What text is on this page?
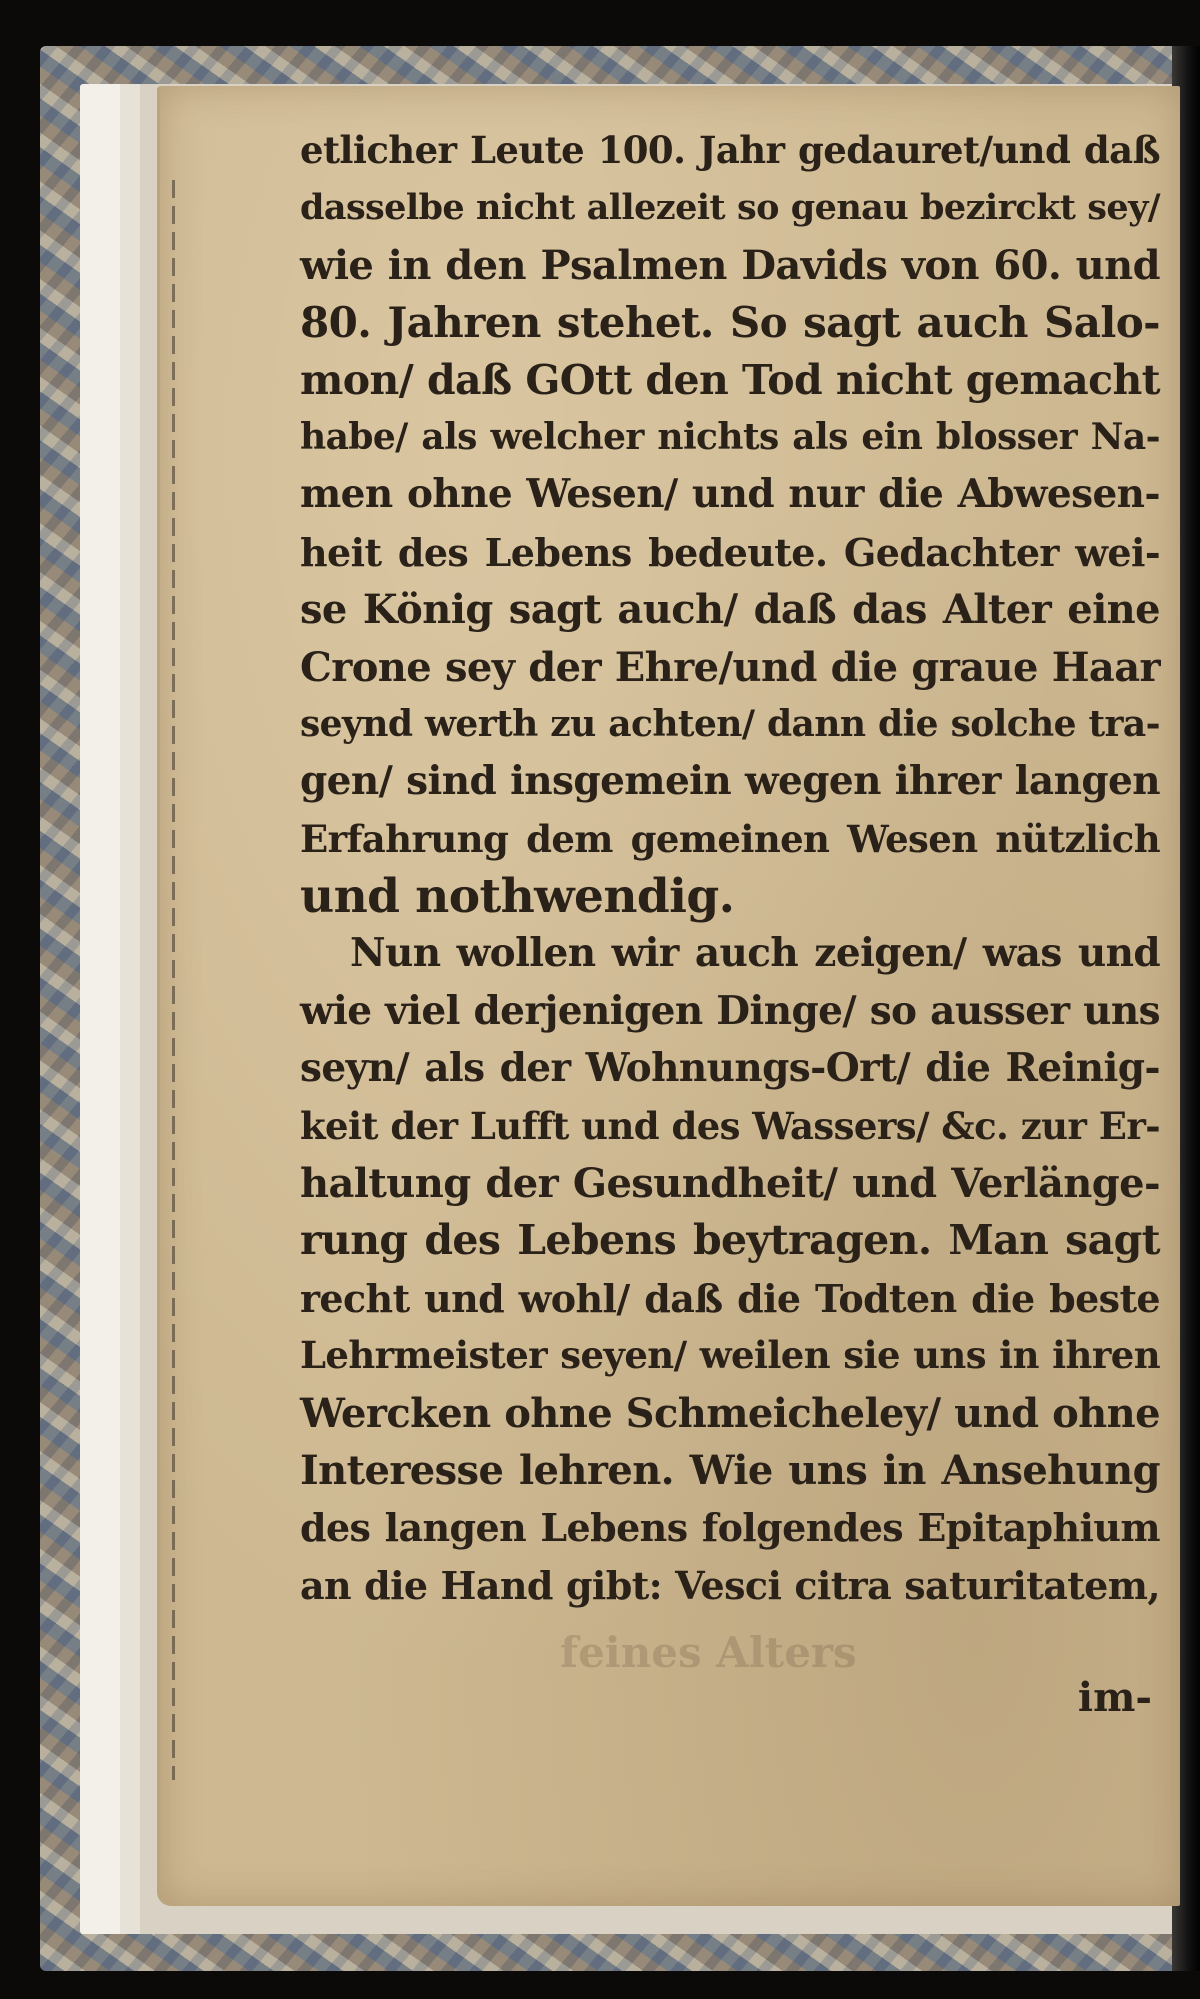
feines Alters
etlicher Leute 100. Jahr gedauret/und daß
dasselbe nicht allezeit so genau bezirckt sey/
wie in den Psalmen Davids von 60. und
80. Jahren stehet. So sagt auch Salo-
mon/ daß GOtt den Tod nicht gemacht
habe/ als welcher nichts als ein blosser Na-
men ohne Wesen/ und nur die Abwesen-
heit des Lebens bedeute. Gedachter wei-
se König sagt auch/ daß das Alter eine
Crone sey der Ehre/und die graue Haar
seynd werth zu achten/ dann die solche tra-
gen/ sind insgemein wegen ihrer langen
Erfahrung dem gemeinen Wesen nützlich
und nothwendig.
Nun wollen wir auch zeigen/ was und
wie viel derjenigen Dinge/ so ausser uns
seyn/ als der Wohnungs-Ort/ die Reinig-
keit der Lufft und des Wassers/ &c. zur Er-
haltung der Gesundheit/ und Verlänge-
rung des Lebens beytragen. Man sagt
recht und wohl/ daß die Todten die beste
Lehrmeister seyen/ weilen sie uns in ihren
Wercken ohne Schmeicheley/ und ohne
Interesse lehren. Wie uns in Ansehung
des langen Lebens folgendes Epitaphium
an die Hand gibt: Vesci citra saturitatem,
im-
